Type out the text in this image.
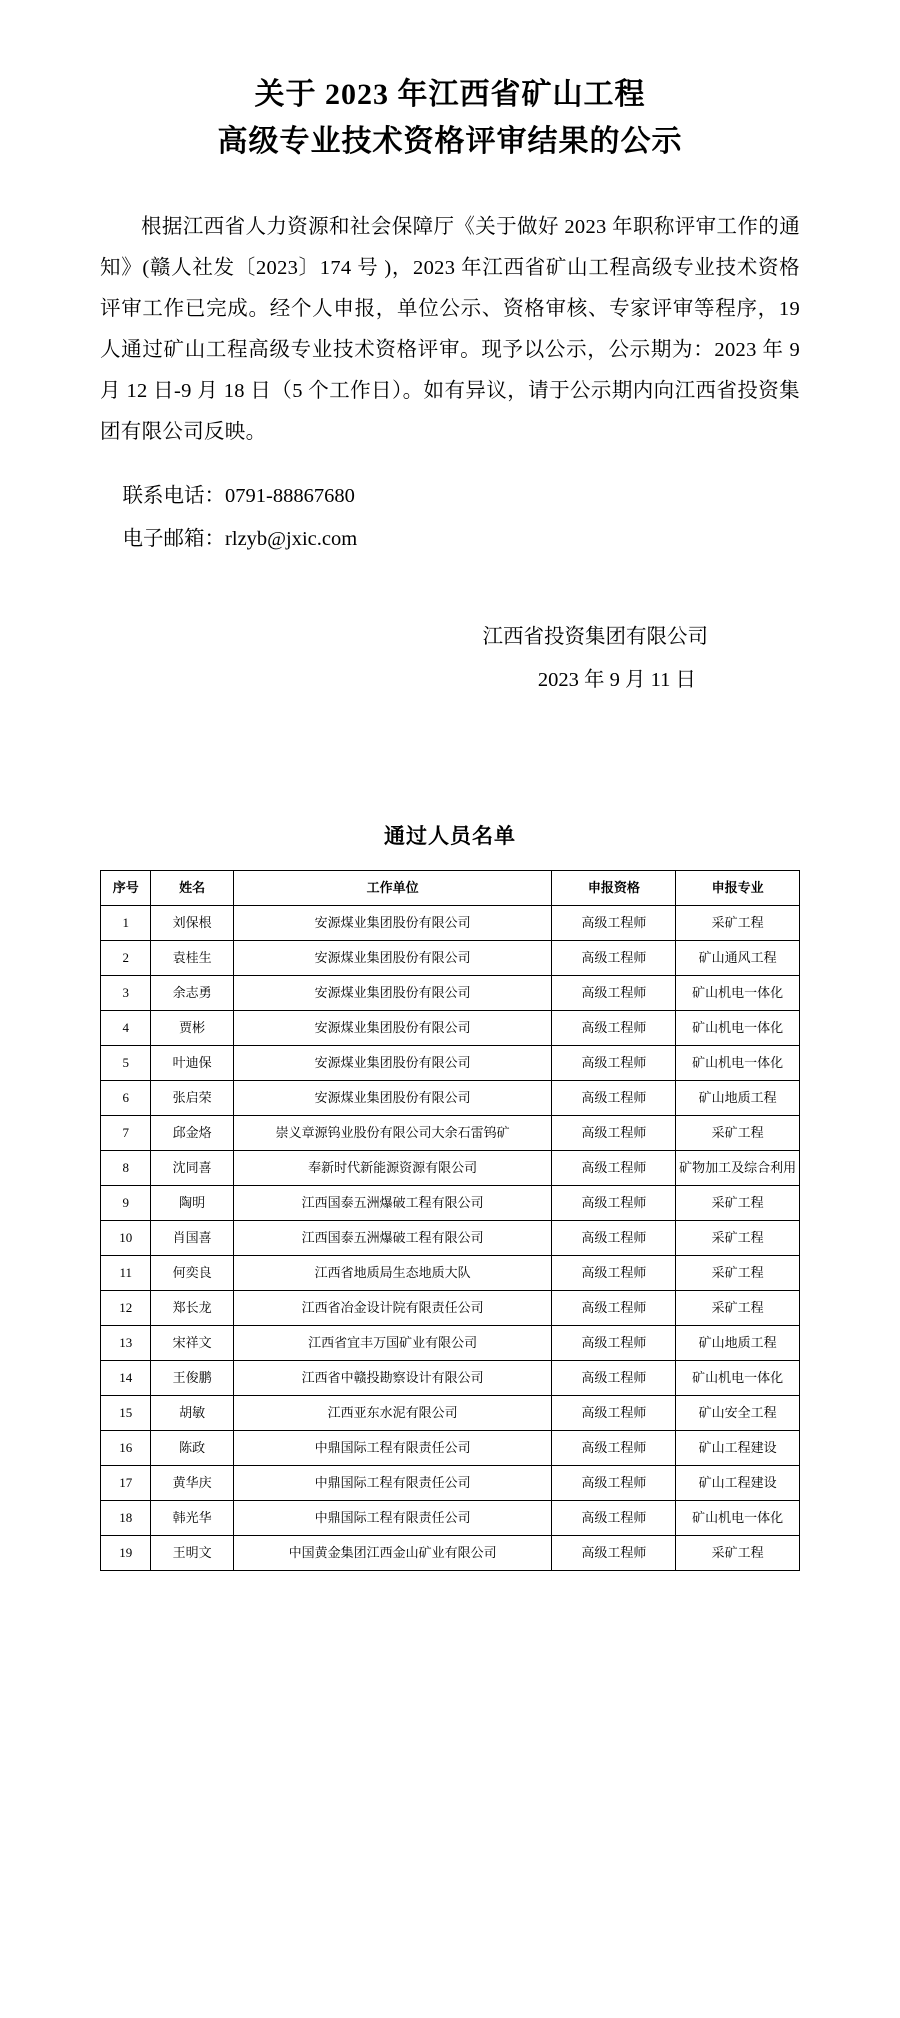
关于 2023 年江西省矿山工程
高级专业技术资格评审结果的公示

根据江西省人力资源和社会保障厅《关于做好 2023 年职称评审工作的通知》(赣人社发〔2023〕174 号 )，2023 年江西省矿山工程高级专业技术资格评审工作已完成。经个人申报，单位公示、资格审核、专家评审等程序，19 人通过矿山工程高级专业技术资格评审。现予以公示，公示期为：2023 年 9 月 12 日-9 月 18 日（5 个工作日）。如有异议，请于公示期内向江西省投资集团有限公司反映。

联系电话：0791-88867680
电子邮箱：rlzyb@jxic.com
江西省投资集团有限公司
2023 年 9 月 11 日
通过人员名单
序号	姓名	工作单位	申报资格	申报专业
1	刘保根	安源煤业集团股份有限公司	高级工程师	采矿工程
2	袁桂生	安源煤业集团股份有限公司	高级工程师	矿山通风工程
3	余志勇	安源煤业集团股份有限公司	高级工程师	矿山机电一体化
4	贾彬	安源煤业集团股份有限公司	高级工程师	矿山机电一体化
5	叶迪保	安源煤业集团股份有限公司	高级工程师	矿山机电一体化
6	张启荣	安源煤业集团股份有限公司	高级工程师	矿山地质工程
7	邱金烙	崇义章源钨业股份有限公司大余石雷钨矿	高级工程师	采矿工程
8	沈同喜	奉新时代新能源资源有限公司	高级工程师	矿物加工及综合利用
9	陶明	江西国泰五洲爆破工程有限公司	高级工程师	采矿工程
10	肖国喜	江西国泰五洲爆破工程有限公司	高级工程师	采矿工程
11	何奕良	江西省地质局生态地质大队	高级工程师	采矿工程
12	郑长龙	江西省冶金设计院有限责任公司	高级工程师	采矿工程
13	宋祥文	江西省宜丰万国矿业有限公司	高级工程师	矿山地质工程
14	王俊鹏	江西省中赣投勘察设计有限公司	高级工程师	矿山机电一体化
15	胡敏	江西亚东水泥有限公司	高级工程师	矿山安全工程
16	陈政	中鼎国际工程有限责任公司	高级工程师	矿山工程建设
17	黄华庆	中鼎国际工程有限责任公司	高级工程师	矿山工程建设
18	韩光华	中鼎国际工程有限责任公司	高级工程师	矿山机电一体化
19	王明文	中国黄金集团江西金山矿业有限公司	高级工程师	采矿工程
